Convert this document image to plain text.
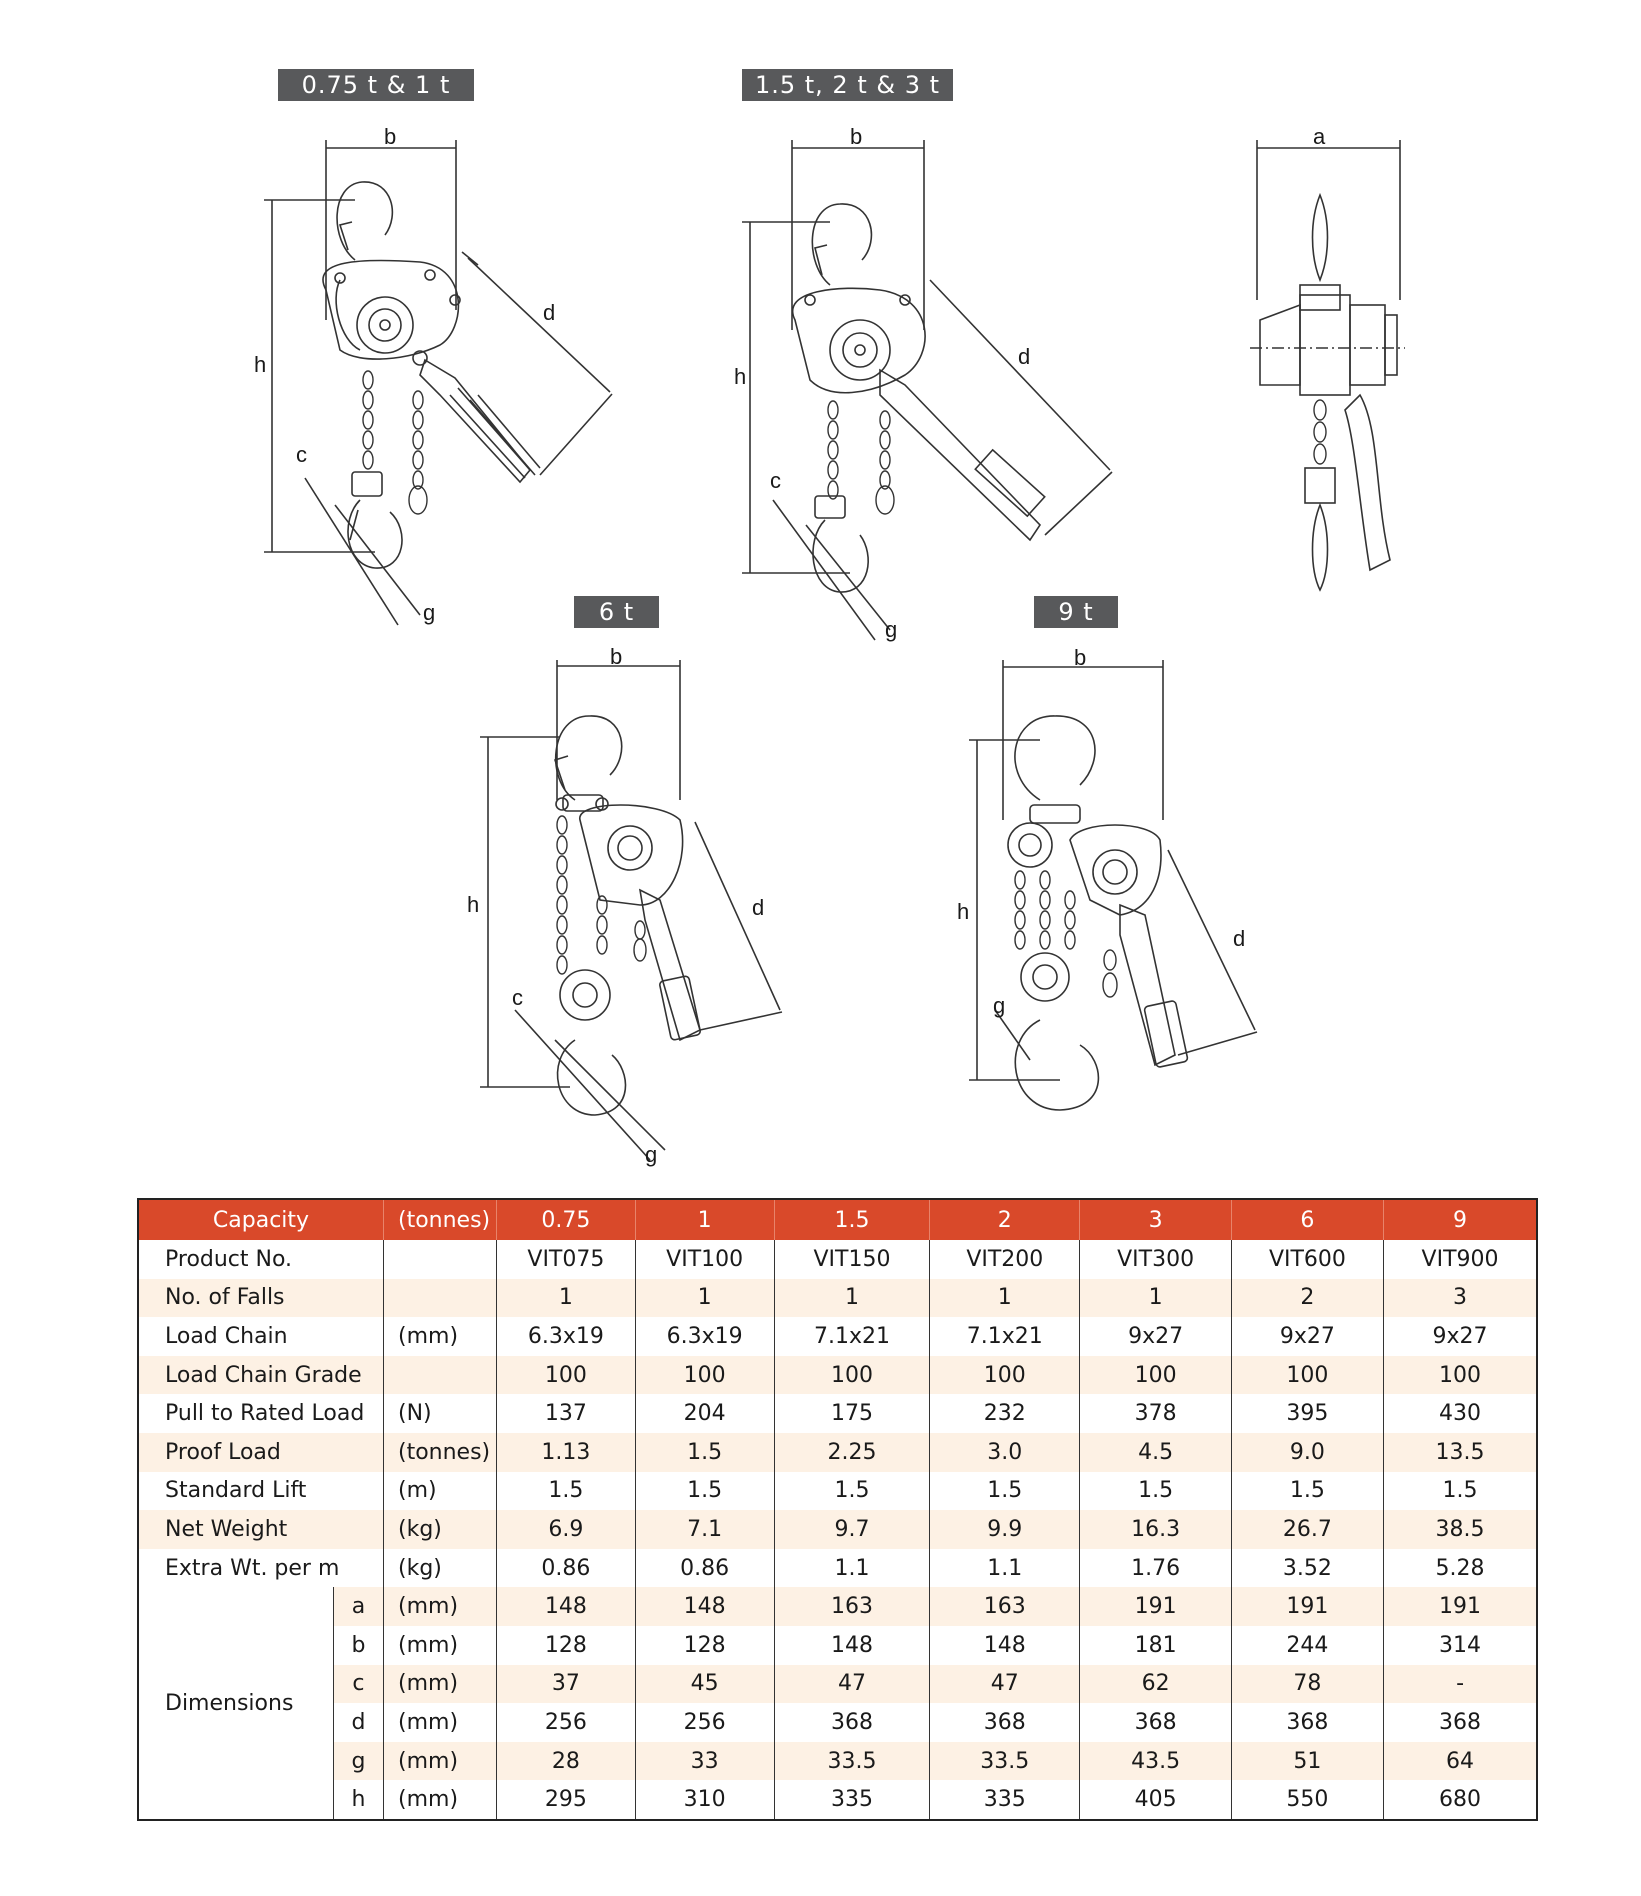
0.75 t & 1 t	1.5 t, 2 t & 3 t
6 t	9 t
b
h
d
c
g
b
h
d
c
g
a
b
h	d
c
g
b
h
d
g
Capacity		(tonnes)	0.75	1	1.5	2	3	6	9
Product No.			VIT075	VIT100	VIT150	VIT200	VIT300	VIT600	VIT900
No. of Falls			1	1	1	1	1	2	3
Load Chain		(mm)	6.3x19	6.3x19	7.1x21	7.1x21	9x27	9x27	9x27
Load Chain Grade			100	100	100	100	100	100	100
Pull to Rated Load		(N)	137	204	175	232	378	395	430
Proof Load		(tonnes)	1.13	1.5	2.25	3.0	4.5	9.0	13.5
Standard Lift		(m)	1.5	1.5	1.5	1.5	1.5	1.5	1.5
Net Weight		(kg)	6.9	7.1	9.7	9.9	16.3	26.7	38.5
Extra Wt. per m		(kg)	0.86	0.86	1.1	1.1	1.76	3.52	5.28
Dimensions	a	(mm)	148	148	163	163	191	191	191
	b	(mm)	128	128	148	148	181	244	314
	c	(mm)	37	45	47	47	62	78	-
	d	(mm)	256	256	368	368	368	368	368
	g	(mm)	28	33	33.5	33.5	43.5	51	64
	h	(mm)	295	310	335	335	405	550	680
